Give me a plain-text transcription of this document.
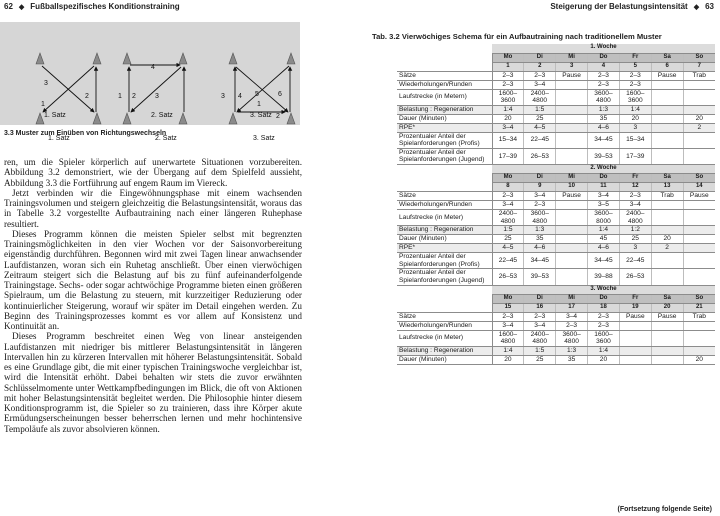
62 ◆ Fußballspezifisches Konditionstraining
3
1
2
4
1 2	3	3 4 5	6
2
1
1. Satz	2. Satz	3. Satz
1. Satz	2. Satz	3. Satz
3.3 Muster zum Einüben von Richtungswechseln

ren, um die Spieler körperlich auf unerwartete Situationen vorzubereiten. Abbildung 3.2 demonstriert, wie der Übergang auf dem Spielfeld aussieht, Abbildung 3.3 die Fortführung auf engem Raum im Viereck.

Jetzt verbinden wir die Eingewöhnungsphase mit einem wachsenden Trainingsvolumen und steigern gleichzeitig die Belastungsintensität, woraus das in Tabelle 3.2 vorgestellte Aufbautraining nach einer längeren Ruhephase resultiert.

Dieses Programm können die meisten Spieler selbst mit begrenzten Trainingsmöglichkeiten in den vier Wochen vor der Saisonvorbereitung eigenständig durchführen. Begonnen wird mit zwei Tagen linear anwachsender Laufdistanzen, woran sich ein Ruhetag anschließt. Über einen vierwöchigen Zeitraum steigert sich die Belastung auf bis zu fünf aufeinanderfolgende Trainingstage. Sechs- oder sogar achtwöchige Programme bieten einen größeren Spielraum, um die Belastung zu steuern, mit kurzzeitiger Reduzierung oder kontinuierlicher Steigerung, worauf wir später im Detail eingehen werden. Zu Beginn des Trainingsprozesses kommt es vor allem auf Konsistenz und Kontinuität an.

Dieses Programm beschreitet einen Weg von linear ansteigenden Laufdistanzen mit niedriger bis mittlerer Belastungsintensität in längeren Intervallen hin zu kürzeren Intervallen mit höherer Belastungsintensität. Sobald es eine Grundlage gibt, die mit einer typischen Trainingswoche vergleichbar ist, wird die Intensität erhöht. Dabei behalten wir stets die zuvor erwähnten Schlüsselmomente unter Wettkampfbedingungen im Blick, die oft von Aktionen mit hoher Belastungsintensität begleitet werden. Die Philosophie hinter diesem Konditionsprogramm ist, die Spieler so zu trainieren, dass ihre Körper akute Ermüdungserscheinungen besser beherrschen lernen und mehr hochintensive Tempoläufe als zuvor absolvieren können.

Steigerung der Belastungsintensität ◆ 63
Tab. 3.2 Vierwöchiges Schema für ein Aufbautraining nach traditionellem Muster
	1. Woche						
	Mo	Di	Mi	Do	Fr	Sa	So
	1	2	3	4	5	6	7
Sätze	2–3	2–3	Pause	2–3	2–3	Pause	Trab
Wiederholungen/Runden	2–3	3–4		2–3	2–3		
Laufstrecke (in Metern)	1600–3600	2400–4800		3600–4800	1600–3600		
Belastung : Regeneration	1:4	1:5		1:3	1:4		
Dauer (Minuten)	20	25		35	20		20
RPE*	3–4	4–5		4–6	3		2
Prozentualer Anteil der Spielanforderungen (Profis)	15–34	22–45		34–45	15–34		
Prozentualer Anteil der Spielanforderungen (Jugend)	17–39	26–53		39–53	17–39		
	2. Woche						
	Mo	Di	Mi	Do	Fr	Sa	So
	8	9	10	11	12	13	14
Sätze	2–3	3–4	Pause	3–4	2–3	Trab	Pause
Wiederholungen/Runden	3–4	2–3		3–5	3–4		
Laufstrecke (in Meter)	2400–4800	3600–4800		3600–8000	2400–4800		
Belastung : Regeneration	1:5	1:3		1:4	1:2		
Dauer (Minuten)	25	35		45	25	20	
RPE*	4–5	4–6		4–6	3	2	
Prozentualer Anteil der Spielanforderungen (Profis)	22–45	34–45		34–45	22–45		
Prozentualer Anteil der Spielanforderungen (Jugend)	26–53	39–53		39–88	26–53		
	3. Woche						
	Mo	Di	Mi	Do	Fr	Sa	So
	15	16	17	18	19	20	21
Sätze	2–3	2–3	3–4	2–3	Pause	Pause	Trab
Wiederholungen/Runden	3–4	3–4	2–3	2–3			
Laufstrecke (in Meter)	1600–4800	2400–4800	3600–4800	1600–3600			
Belastung : Regeneration	1:4	1:5	1:3	1:4			
Dauer (Minuten)	20	25	35	20			20
(Fortsetzung folgende Seite)
